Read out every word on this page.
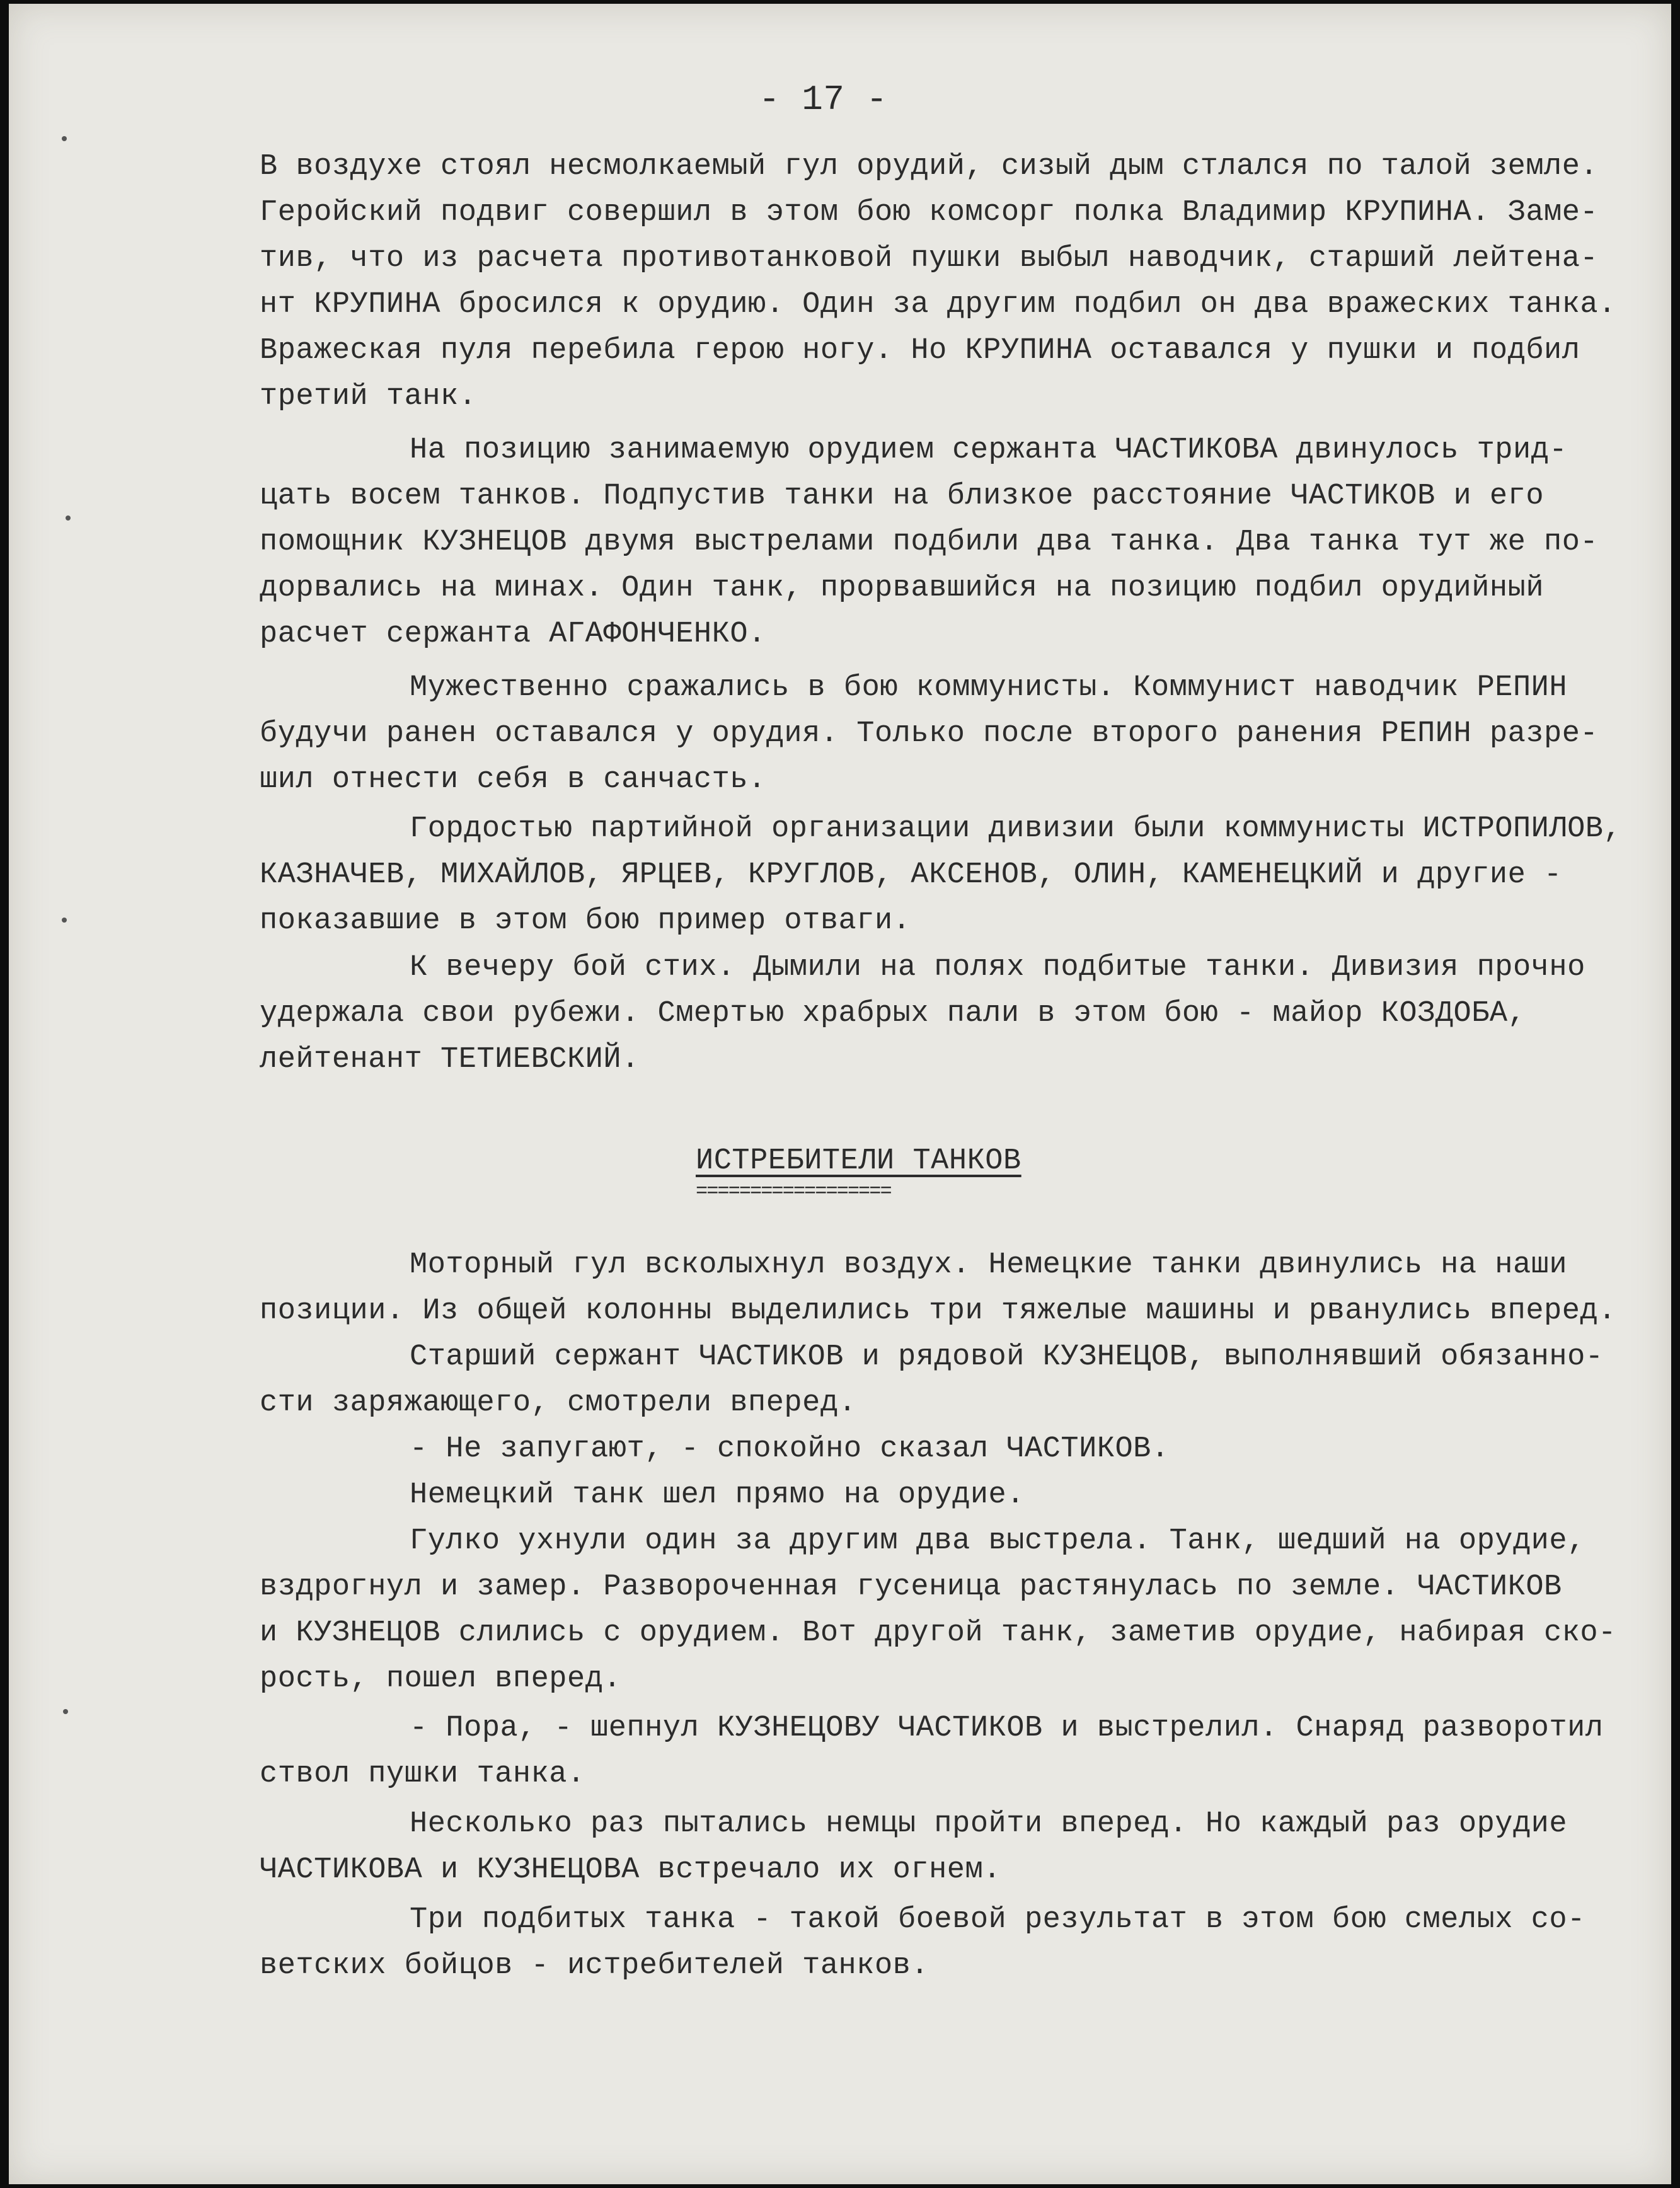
- 17 -
В воздухе стоял несмолкаемый гул орудий, сизый дым стлался по талой земле.
Геройский подвиг совершил в этом бою комсорг полка Владимир КРУПИНА. Заме-
тив, что из расчета противотанковой пушки выбыл наводчик, старший лейтена-
нт КРУПИНА бросился к орудию. Один за другим подбил он два вражеских танка.
Вражеская пуля перебила герою ногу. Но КРУПИНА оставался у пушки и подбил
третий танк.
На позицию занимаемую орудием сержанта ЧАСТИКОВА двинулось трид-
цать восем танков. Подпустив танки на близкое расстояние ЧАСТИКОВ и его
помощник КУЗНЕЦОВ двумя выстрелами подбили два танка. Два танка тут же по-
дорвались на минах. Один танк, прорвавшийся на позицию подбил орудийный
расчет сержанта АГАФОНЧЕНКО.
Мужественно сражались в бою коммунисты. Коммунист наводчик РЕПИН
будучи ранен оставался у орудия. Только после второго ранения РЕПИН разре-
шил отнести себя в санчасть.
Гордостью партийной организации дивизии были коммунисты ИСТРОПИЛОВ,
КАЗНАЧЕВ, МИХАЙЛОВ, ЯРЦЕВ, КРУГЛОВ, АКСЕНОВ, ОЛИН, КАМЕНЕЦКИЙ и другие -
показавшие в этом бою пример отваги.
К вечеру бой стих. Дымили на полях подбитые танки. Дивизия прочно
удержала свои рубежи. Смертью храбрых пали в этом бою - майор КОЗДОБА,
лейтенант ТЕТИЕВСКИЙ.
ИСТРЕБИТЕЛИ ТАНКОВ
==================
Моторный гул всколыхнул воздух. Немецкие танки двинулись на наши
позиции. Из общей колонны выделились три тяжелые машины и рванулись вперед.
Старший сержант ЧАСТИКОВ и рядовой КУЗНЕЦОВ, выполнявший обязанно-
сти заряжающего, смотрели вперед.
- Не запугают, - спокойно сказал ЧАСТИКОВ.
Немецкий танк шел прямо на орудие.
Гулко ухнули один за другим два выстрела. Танк, шедший на орудие,
вздрогнул и замер. Развороченная гусеница растянулась по земле. ЧАСТИКОВ
и КУЗНЕЦОВ слились с орудием. Вот другой танк, заметив орудие, набирая ско-
рость, пошел вперед.
- Пора, - шепнул КУЗНЕЦОВУ ЧАСТИКОВ и выстрелил. Снаряд разворотил
ствол пушки танка.
Несколько раз пытались немцы пройти вперед. Но каждый раз орудие
ЧАСТИКОВА и КУЗНЕЦОВА встречало их огнем.
Три подбитых танка - такой боевой результат в этом бою смелых со-
ветских бойцов - истребителей танков.
